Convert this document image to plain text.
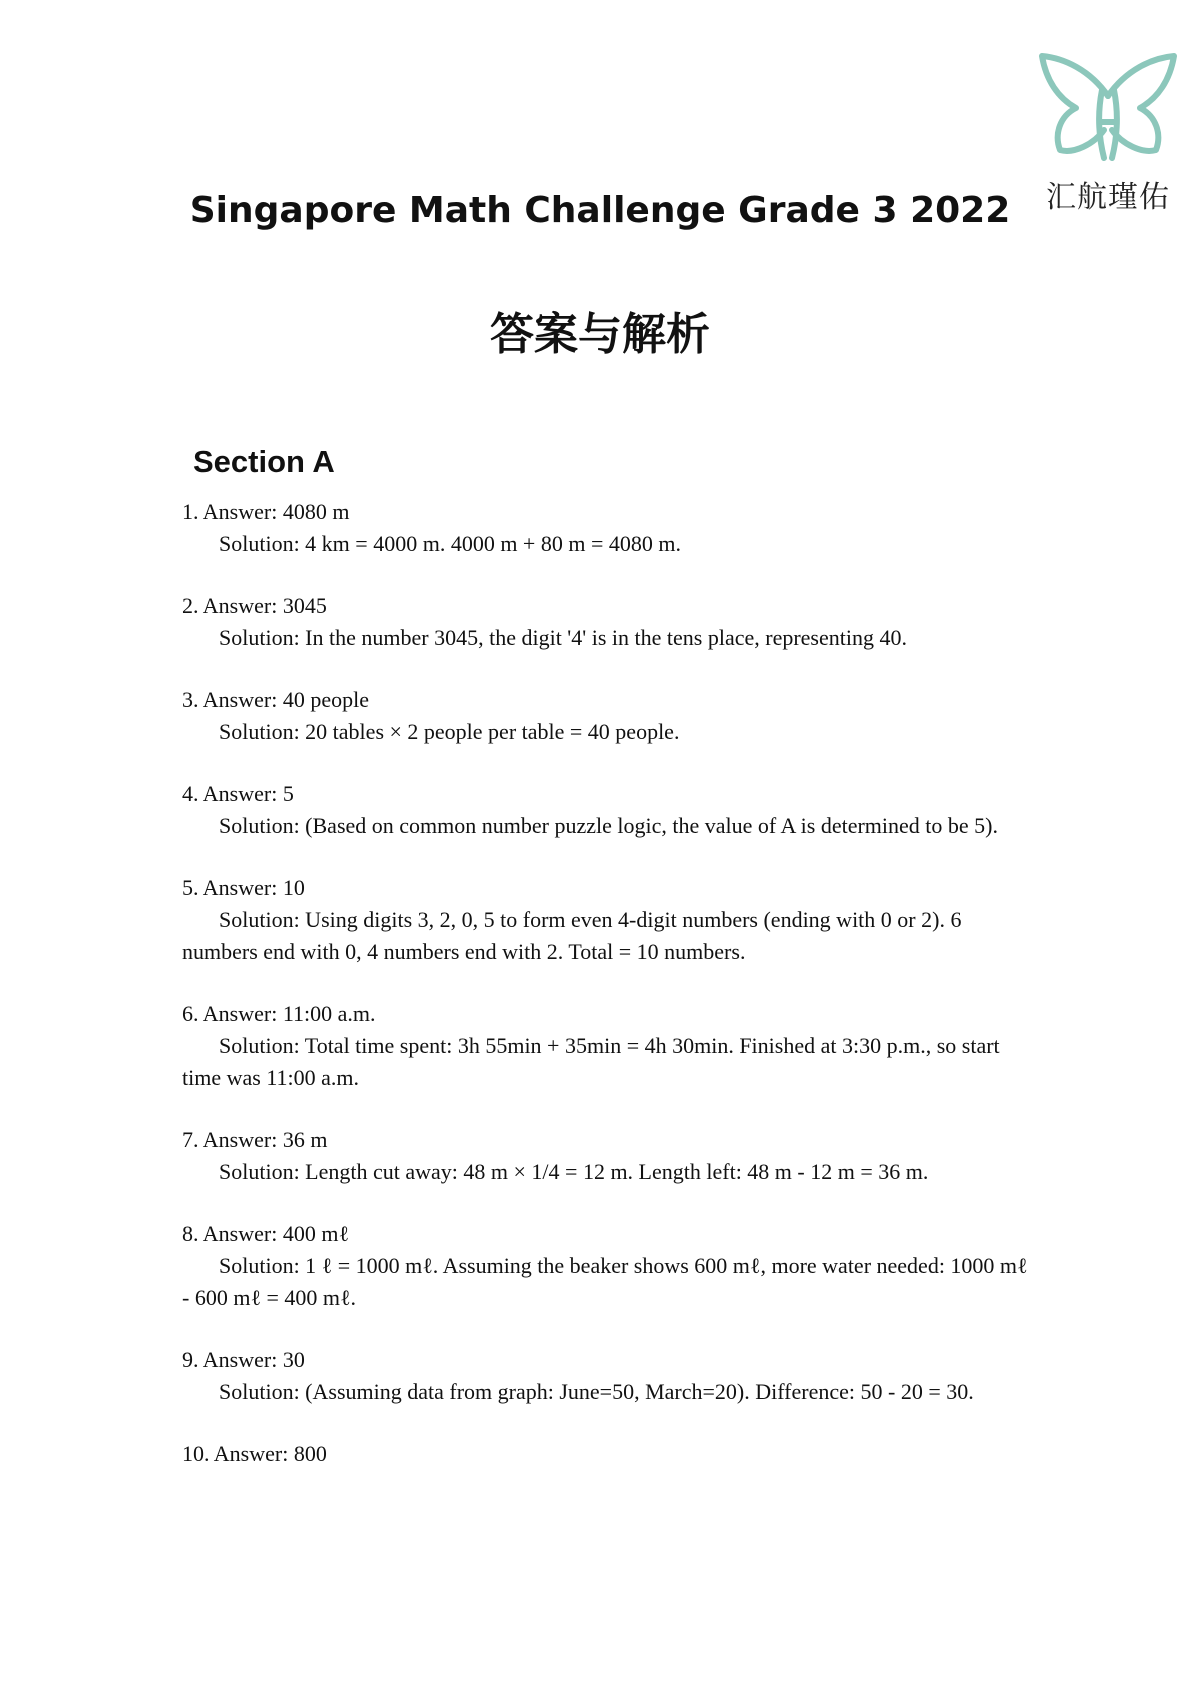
汇航瑾佑
Singapore Math Challenge Grade 3 2022
答案与解析
Section A
1. Answer: 4080 m
Solution: 4 km = 4000 m. 4000 m + 80 m = 4080 m.
2. Answer: 3045
Solution: In the number 3045, the digit '4' is in the tens place, representing 40.
3. Answer: 40 people
Solution: 20 tables × 2 people per table = 40 people.
4. Answer: 5
Solution: (Based on common number puzzle logic, the value of A is determined to be 5).
5. Answer: 10
Solution: Using digits 3, 2, 0, 5 to form even 4-digit numbers (ending with 0 or 2). 6 numbers end with 0, 4 numbers end with 2. Total = 10 numbers.
6. Answer: 11:00 a.m.
Solution: Total time spent: 3h 55min + 35min = 4h 30min. Finished at 3:30 p.m., so start time was 11:00 a.m.
7. Answer: 36 m
Solution: Length cut away: 48 m × 1/4 = 12 m. Length left: 48 m - 12 m = 36 m.
8. Answer: 400 mℓ
Solution: 1 ℓ = 1000 mℓ. Assuming the beaker shows 600 mℓ, more water needed: 1000 mℓ - 600 mℓ = 400 mℓ.
9. Answer: 30
Solution: (Assuming data from graph: June=50, March=20). Difference: 50 - 20 = 30.
10. Answer: 800
